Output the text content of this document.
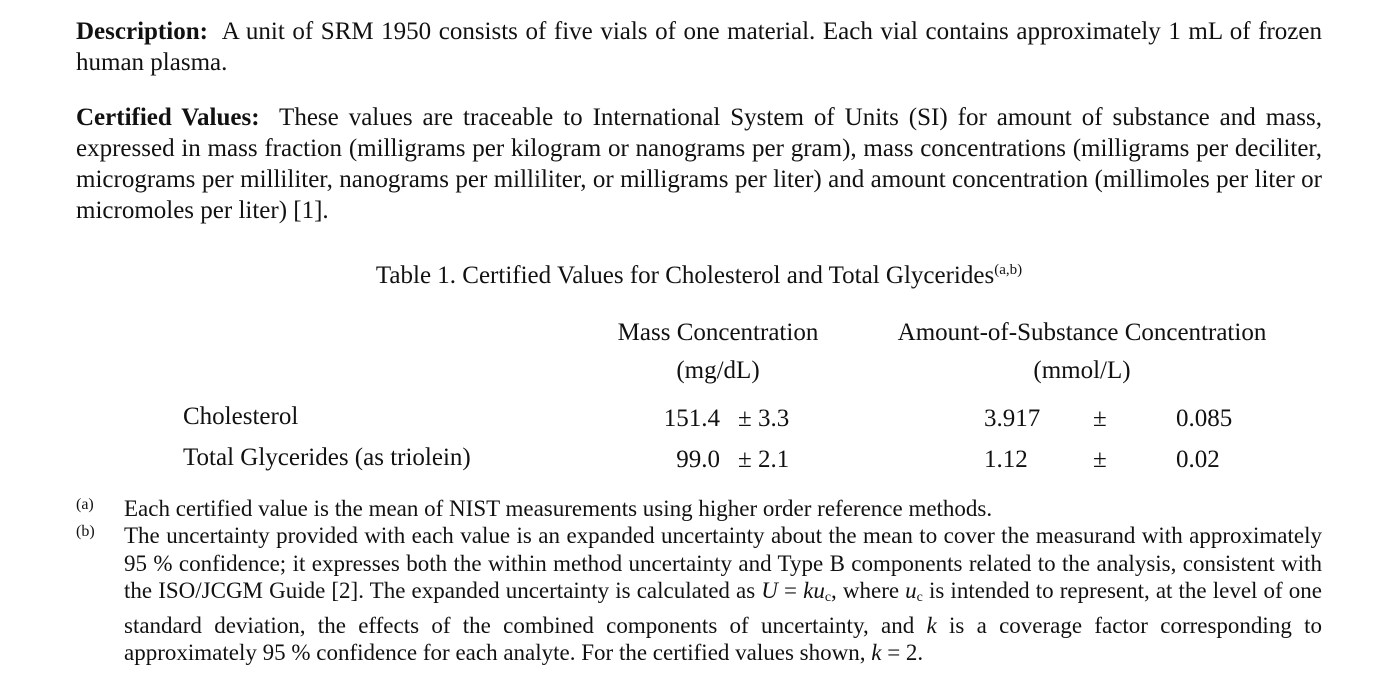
Description: A unit of SRM 1950 consists of five vials of one material. Each vial contains approximately 1 mL of frozen human plasma.

Certified Values: These values are traceable to International System of Units (SI) for amount of substance and mass, expressed in mass fraction (milligrams per kilogram or nanograms per gram), mass concentrations (milligrams per deciliter, micrograms per milliliter, nanograms per milliliter, or milligrams per liter) and amount concentration (millimoles per liter or micromoles per liter) [1].

Table 1. Certified Values for Cholesterol and Total Glycerides$^{(a,b)}$
Mass Concentration
(mg/dL)
Amount-of-Substance Concentration
(mmol/L)
Cholesterol	151.4 ± 3.3	3.917 ±	0.085
Total Glycerides (as triolein)	99.0 ± 2.1	1.12	±	0.02
(a) Each certified value is the mean of NIST measurements using higher order reference methods.

(b) The uncertainty provided with each value is an expanded uncertainty about the mean to cover the measurand with approximately 95 % confidence; it expresses both the within method uncertainty and Type B components related to the analysis, consistent with the ISO/JCGM Guide [2]. The expanded uncertainty is calculated as $U = ku_c$, where $u_c$ is intended to represent, at the level of one standard deviation, the effects of the combined components of uncertainty, and k is a coverage factor corresponding to approximately 95 % confidence for each analyte. For the certified values shown, k = 2.
